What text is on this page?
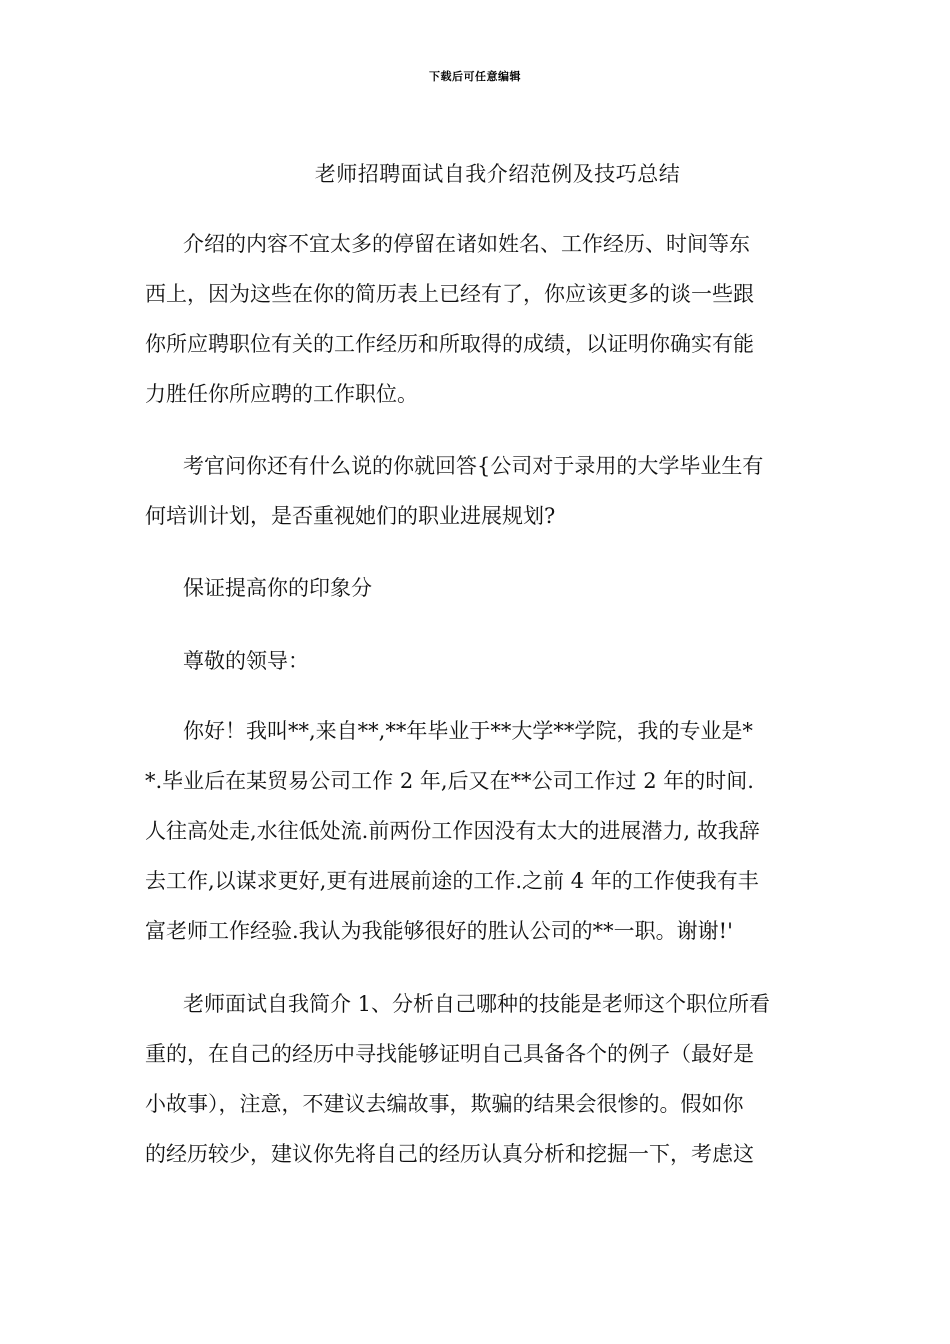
下载后可任意编辑
老师招聘面试自我介绍范例及技巧总结
介绍的内容不宜太多的停留在诸如姓名、工作经历、时间等东
西上，因为这些在你的简历表上已经有了，你应该更多的谈一些跟
你所应聘职位有关的工作经历和所取得的成绩，以证明你确实有能
力胜任你所应聘的工作职位。
考官问你还有什么说的你就回答{公司对于录用的大学毕业生有
何培训计划，是否重视她们的职业进展规划?
保证提高你的印象分
尊敬的领导：
你好！我叫**,来自**,**年毕业于**大学**学院，我的专业是*
*.毕业后在某贸易公司工作 2 年,后又在**公司工作过 2 年的时间.
人往高处走,水往低处流.前两份工作因没有太大的进展潜力, 故我辞
去工作,以谋求更好,更有进展前途的工作.之前 4 年的工作使我有丰
富老师工作经验.我认为我能够很好的胜认公司的**一职。谢谢!'
老师面试自我简介 1、分析自己哪种的技能是老师这个职位所看
重的，在自己的经历中寻找能够证明自己具备各个的例子（最好是
小故事），注意，不建议去编故事，欺骗的结果会很惨的。假如你
的经历较少，建议你先将自己的经历认真分析和挖掘一下，考虑这
